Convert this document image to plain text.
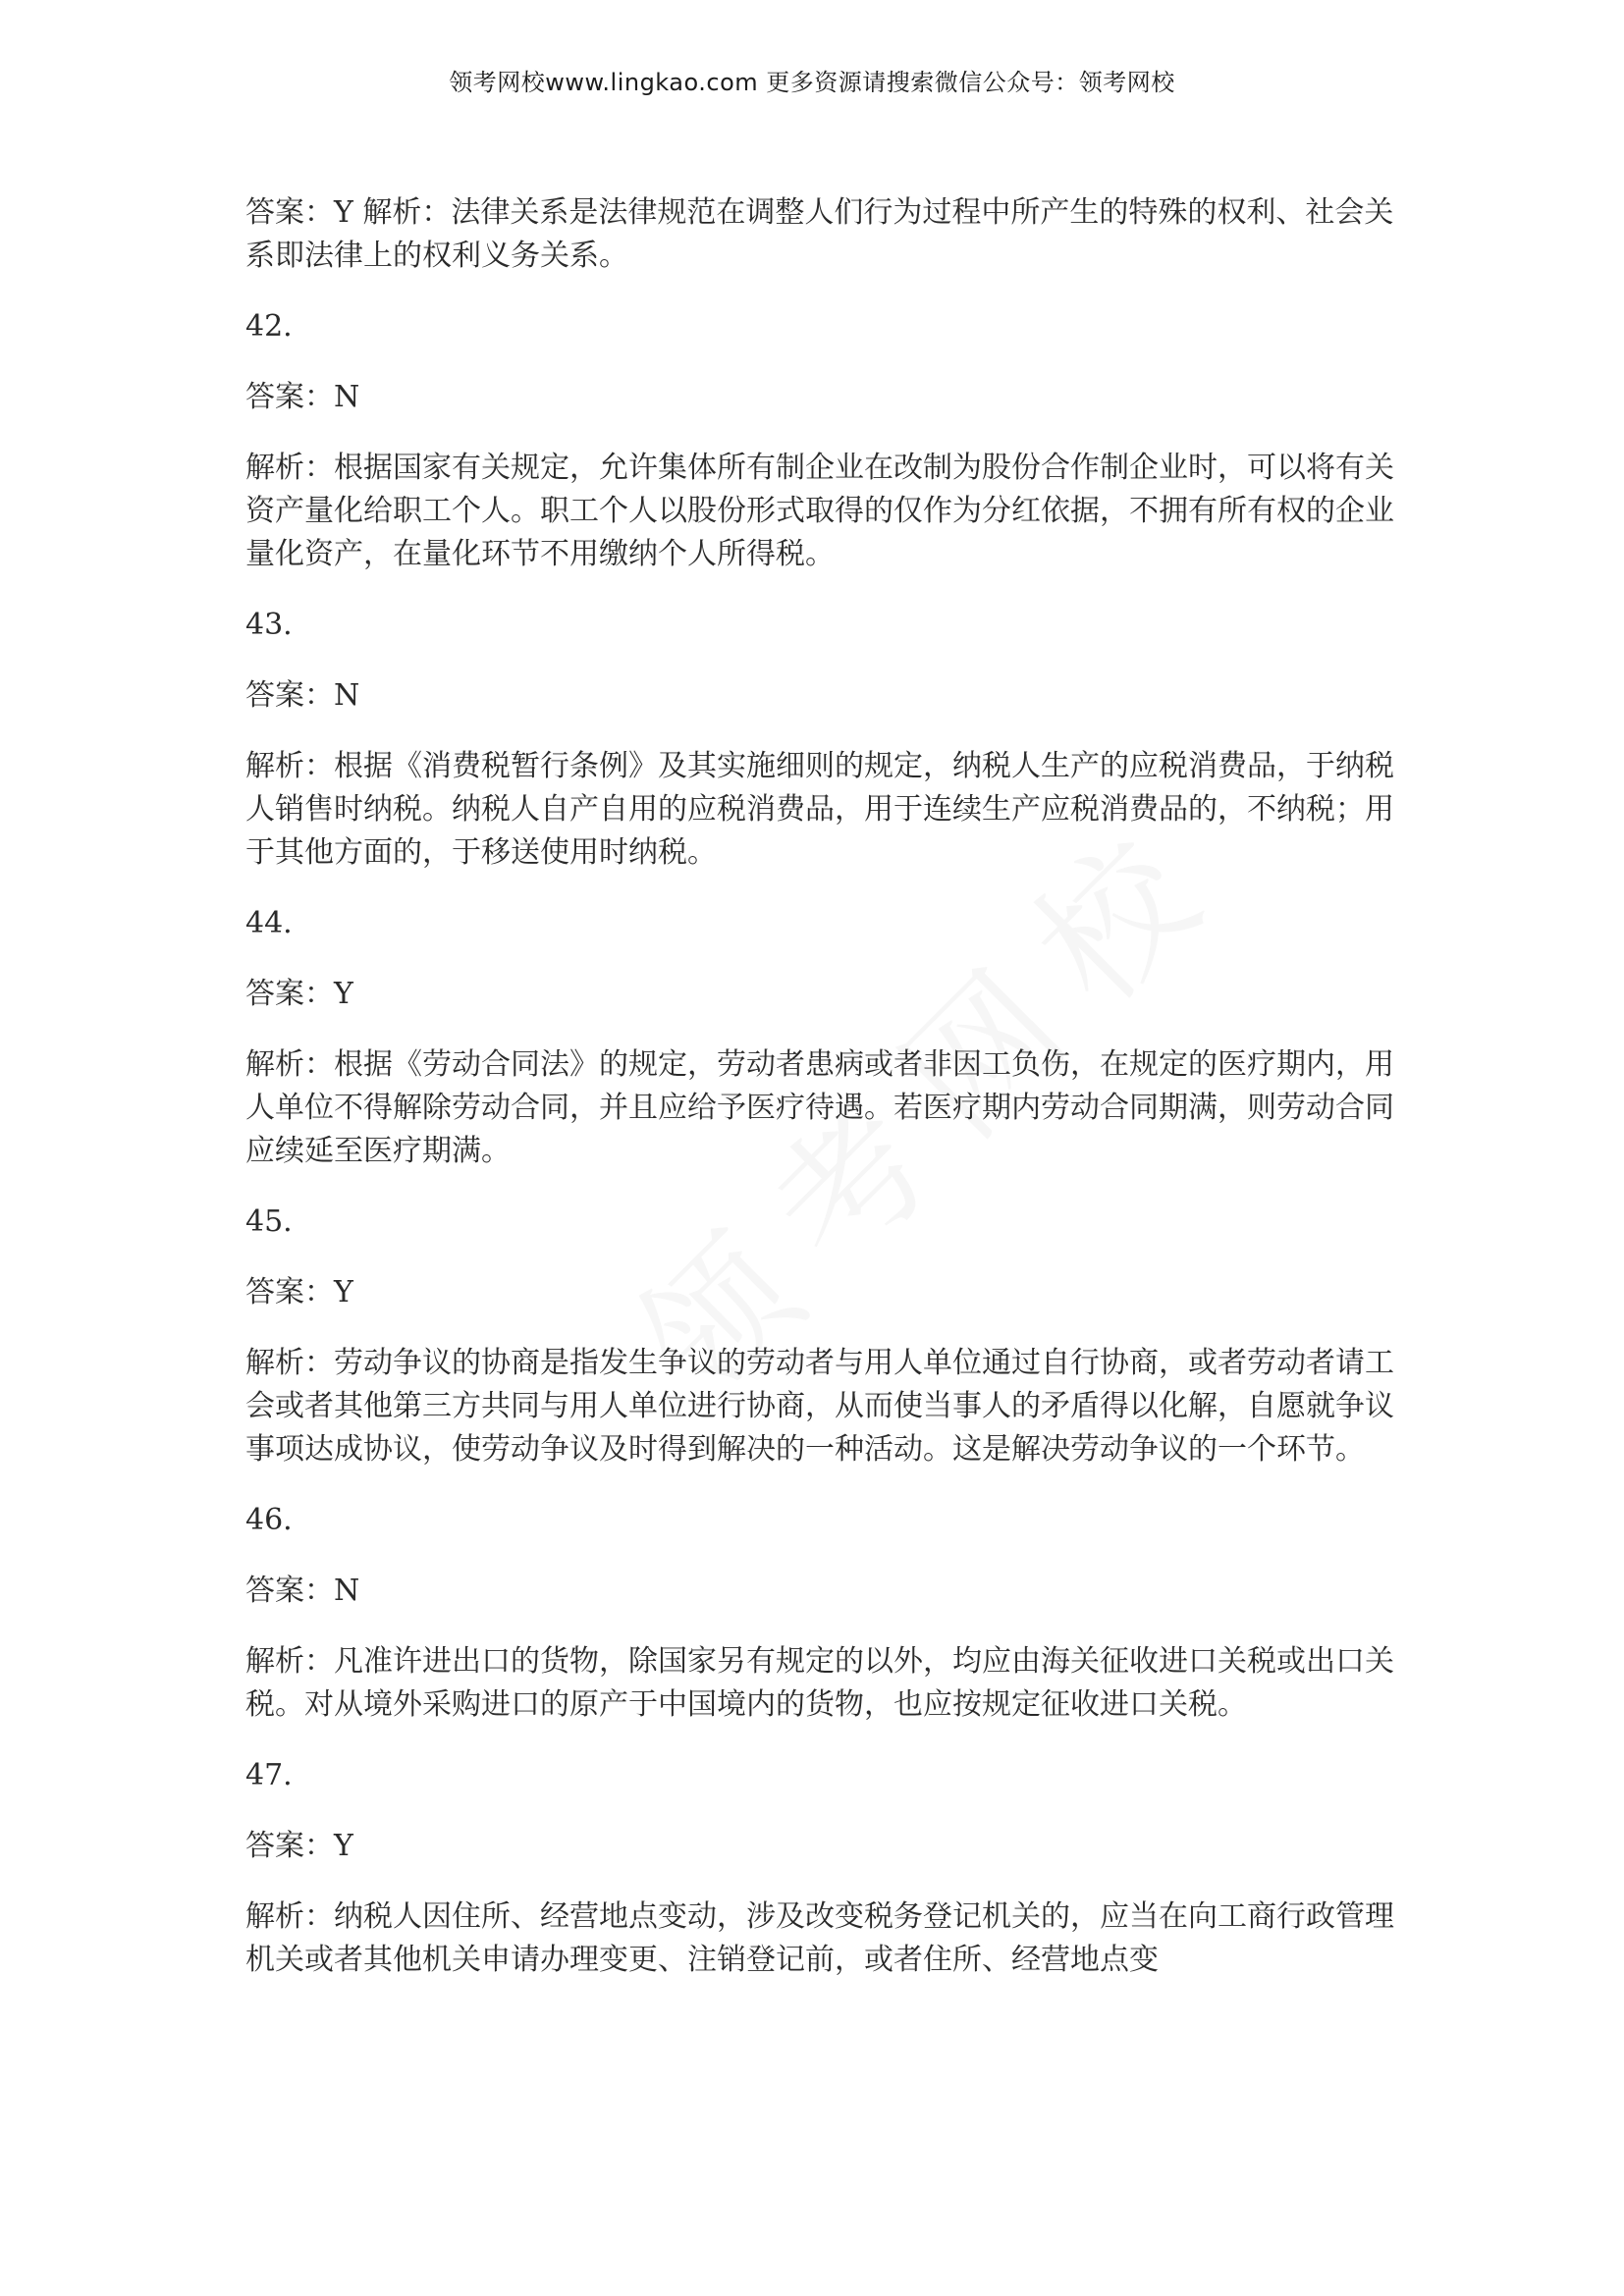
领考网校www.lingkao.com 更多资源请搜索微信公众号：领考网校

答案：Y 解析：法律关系是法律规范在调整人们行为过程中所产生的特殊的权利、社会关系即法律上的权利义务关系。

42.
答案：N
解析：根据国家有关规定，允许集体所有制企业在改制为股份合作制企业时，可以将有关资产量化给职工个人。职工个人以股份形式取得的仅作为分红依据，不拥有所有权的企业量化资产，在量化环节不用缴纳个人所得税。
43.
答案：N
解析：根据《消费税暂行条例》及其实施细则的规定，纳税人生产的应税消费品，于纳税人销售时纳税。纳税人自产自用的应税消费品，用于连续生产应税消费品的，不纳税；用于其他方面的，于移送使用时纳税。
44.
答案：Y
解析：根据《劳动合同法》的规定，劳动者患病或者非因工负伤，在规定的医疗期内，用人单位不得解除劳动合同，并且应给予医疗待遇。若医疗期内劳动合同期满，则劳动合同应续延至医疗期满。
45.
答案：Y
解析：劳动争议的协商是指发生争议的劳动者与用人单位通过自行协商，或者劳动者请工会或者其他第三方共同与用人单位进行协商，从而使当事人的矛盾得以化解，自愿就争议事项达成协议，使劳动争议及时得到解决的一种活动。这是解决劳动争议的一个环节。
46.
答案：N
解析：凡准许进出口的货物，除国家另有规定的以外，均应由海关征收进口关税或出口关税。对从境外采购进口的原产于中国境内的货物，也应按规定征收进口关税。
47.
答案：Y
解析：纳税人因住所、经营地点变动，涉及改变税务登记机关的，应当在向工商行政管理机关或者其他机关申请办理变更、注销登记前，或者住所、经营地点变
